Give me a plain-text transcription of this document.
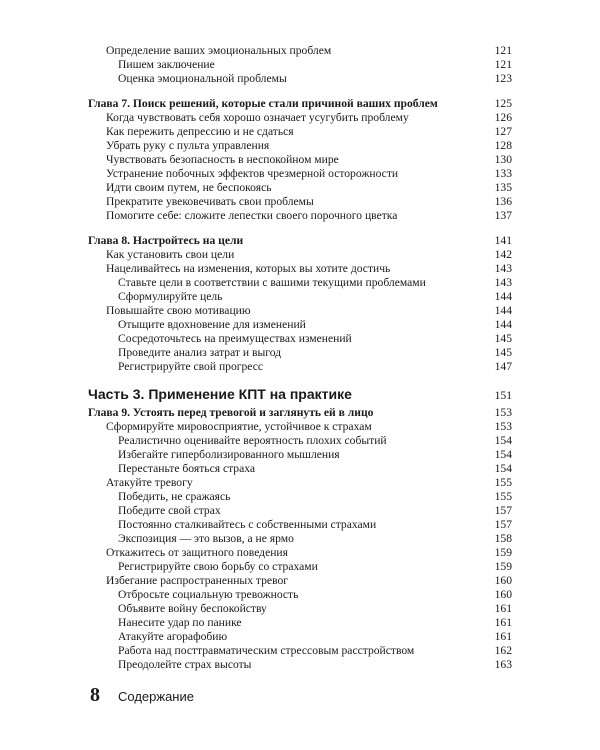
Определение ваших эмоциональных проблем	121
Пишем заключение	121
Оценка эмоциональной проблемы	123
Глава 7. Поиск решений, которые стали причиной ваших проблем	125
Когда чувствовать себя хорошо означает усугубить проблему	126
Как пережить депрессию и не сдаться	127
Убрать руку с пульта управления	128
Чувствовать безопасность в неспокойном мире	130
Устранение побочных эффектов чрезмерной осторожности	133
Идти своим путем, не беспокоясь	135
Прекратите увековечивать свои проблемы	136
Помогите себе: сложите лепестки своего порочного цветка	137
Глава 8. Настройтесь на цели	141
Как установить свои цели	142
Нацеливайтесь на изменения, которых вы хотите достичь	143
Ставьте цели в соответствии с вашими текущими проблемами	143
Сформулируйте цель	144
Повышайте свою мотивацию	144
Отыщите вдохновение для изменений	144
Сосредоточьтесь на преимуществах изменений	145
Проведите анализ затрат и выгод	145
Регистрируйте свой прогресс	147
Часть 3. Применение КПТ на практике	151
Глава 9. Устоять перед тревогой и заглянуть ей в лицо	153
Сформируйте мировосприятие, устойчивое к страхам	153
Реалистично оценивайте вероятность плохих событий	154
Избегайте гиперболизированного мышления	154
Перестаньте бояться страха	154
Атакуйте тревогу	155
Победить, не сражаясь	155
Победите свой страх	157
Постоянно сталкивайтесь с собственными страхами	157
Экспозиция — это вызов, а не ярмо	158
Откажитесь от защитного поведения	159
Регистрируйте свою борьбу со страхами	159
Избегание распространенных тревог	160
Отбросьте социальную тревожность	160
Объявите войну беспокойству	161
Нанесите удар по панике	161
Атакуйте агорафобию	161
Работа над посттравматическим стрессовым расстройством	162
Преодолейте страх высоты	163
8 Содержание
